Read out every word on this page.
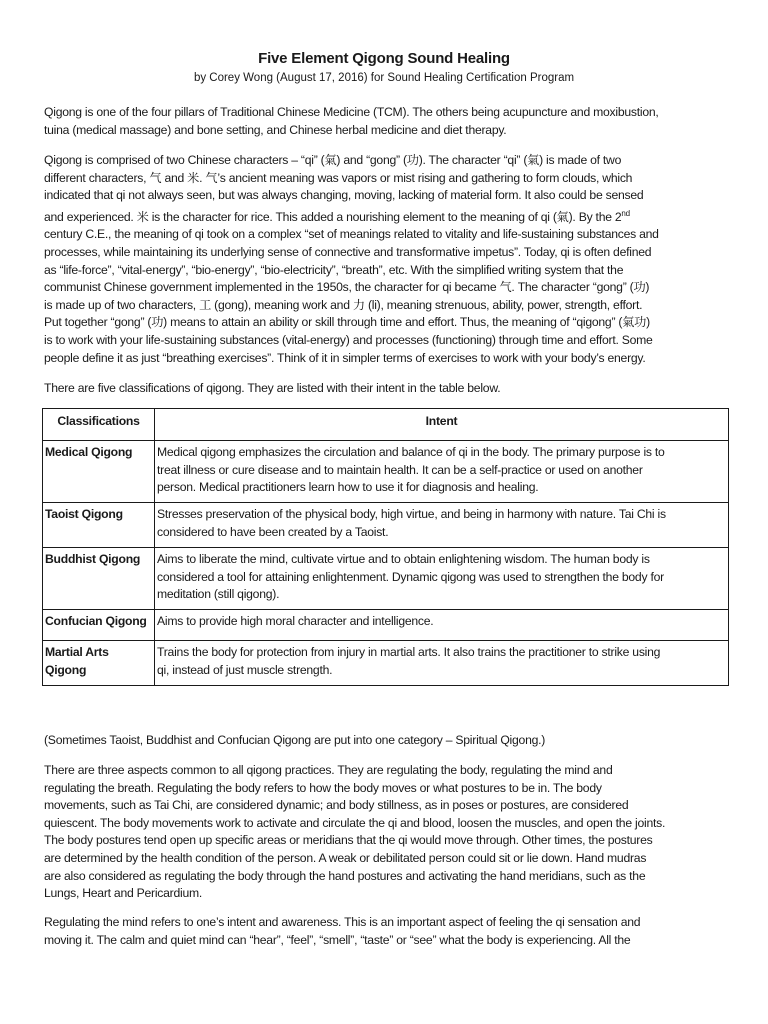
Five Element Qigong Sound Healing
by Corey Wong (August 17, 2016) for Sound Healing Certification Program
Qigong is one of the four pillars of Traditional Chinese Medicine (TCM). The others being acupuncture and moxibustion,
tuina (medical massage) and bone setting, and Chinese herbal medicine and diet therapy.
Qigong is comprised of two Chinese characters – “qi” (氣) and “gong” (功). The character “qi” (氣) is made of two
different characters, 气 and 米. 气’s ancient meaning was vapors or mist rising and gathering to form clouds, which
indicated that qi not always seen, but was always changing, moving, lacking of material form. It also could be sensed
and experienced. 米 is the character for rice. This added a nourishing element to the meaning of qi (氣). By the 2nd
century C.E., the meaning of qi took on a complex “set of meanings related to vitality and life-sustaining substances and
processes, while maintaining its underlying sense of connective and transformative impetus”. Today, qi is often defined
as “life-force”, “vital-energy”, “bio-energy”, “bio-electricity”, “breath”, etc. With the simplified writing system that the
communist Chinese government implemented in the 1950s, the character for qi became 气. The character “gong” (功)
is made up of two characters, 工 (gong), meaning work and 力 (li), meaning strenuous, ability, power, strength, effort.
Put together “gong” (功) means to attain an ability or skill through time and effort. Thus, the meaning of “qigong” (氣功)
is to work with your life-sustaining substances (vital-energy) and processes (functioning) through time and effort. Some
people define it as just “breathing exercises”. Think of it in simpler terms of exercises to work with your body’s energy.
There are five classifications of qigong. They are listed with their intent in the table below.
Classifications	Intent

Medical Qigong	Medical qigong emphasizes the circulation and balance of qi in the body. The primary purpose is to
treat illness or cure disease and to maintain health. It can be a self-practice or used on another
person. Medical practitioners learn how to use it for diagnosis and healing.

Taoist Qigong	Stresses preservation of the physical body, high virtue, and being in harmony with nature. Tai Chi is
considered to have been created by a Taoist.

Buddhist Qigong	Aims to liberate the mind, cultivate virtue and to obtain enlightening wisdom. The human body is
considered a tool for attaining enlightenment. Dynamic qigong was used to strengthen the body for
meditation (still qigong).

Confucian Qigong	Aims to provide high moral character and intelligence.

Martial Arts
Qigong	Trains the body for protection from injury in martial arts. It also trains the practitioner to strike using
qi, instead of just muscle strength.
(Sometimes Taoist, Buddhist and Confucian Qigong are put into one category – Spiritual Qigong.)
There are three aspects common to all qigong practices. They are regulating the body, regulating the mind and
regulating the breath. Regulating the body refers to how the body moves or what postures to be in. The body
movements, such as Tai Chi, are considered dynamic; and body stillness, as in poses or postures, are considered
quiescent. The body movements work to activate and circulate the qi and blood, loosen the muscles, and open the joints.
The body postures tend open up specific areas or meridians that the qi would move through. Other times, the postures
are determined by the health condition of the person. A weak or debilitated person could sit or lie down. Hand mudras
are also considered as regulating the body through the hand postures and activating the hand meridians, such as the
Lungs, Heart and Pericardium.
Regulating the mind refers to one’s intent and awareness. This is an important aspect of feeling the qi sensation and
moving it. The calm and quiet mind can “hear”, “feel”, “smell”, “taste” or “see” what the body is experiencing. All the
